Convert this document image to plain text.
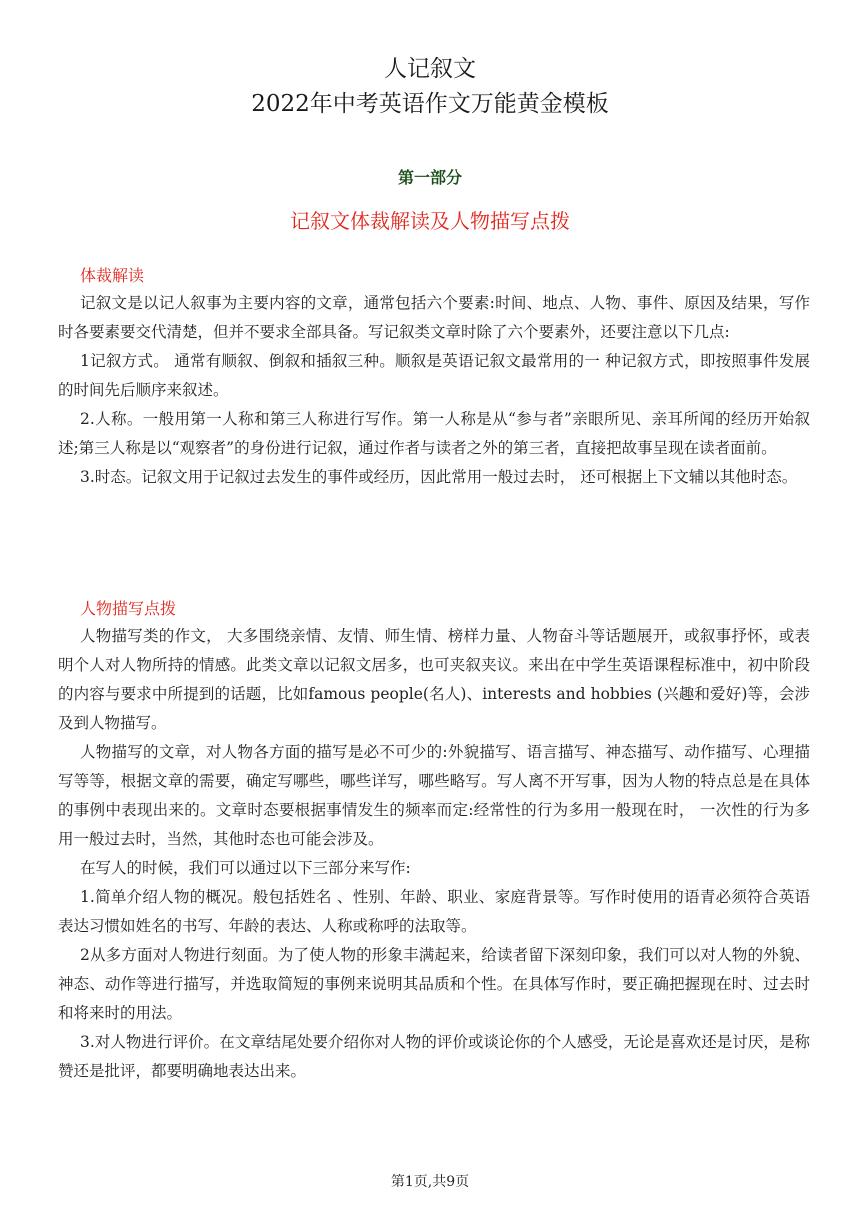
人记叙文
2022年中考英语作文万能黄金模板
第一部分
记叙文体裁解读及人物描写点拨
体裁解读

记叙文是以记人叙事为主要内容的文章，通常包括六个要素:时间、地点、人物、事件、原因及结果，写作时各要素要交代清楚，但并不要求全部具备。写记叙类文章时除了六个要素外，还要注意以下几点:

1记叙方式。 通常有顺叙、倒叙和插叙三种。顺叙是英语记叙文最常用的一 种记叙方式，即按照事件发展的时间先后顺序来叙述。

2.人称。一般用第一人称和第三人称进行写作。第一人称是从“参与者”亲眼所见、亲耳所闻的经历开始叙述;第三人称是以“观察者”的身份进行记叙，通过作者与读者之外的第三者，直接把故事呈现在读者面前。

3.时态。记叙文用于记叙过去发生的事件或经历，因此常用一般过去时， 还可根据上下文辅以其他时态。

人物描写点拨

人物描写类的作文， 大多围绕亲情、友情、师生情、榜样力量、人物奋斗等话题展开，或叙事抒怀，或表明个人对人物所持的情感。此类文章以记叙文居多，也可夹叙夹议。来出在中学生英语课程标准中，初中阶段的内容与要求中所提到的话题，比如famous people(名人)、interests and hobbies (兴趣和爱好)等，会涉及到人物描写。

人物描写的文章，对人物各方面的描写是必不可少的:外貌描写、语言描写、神态描写、动作描写、心理描写等等，根据文章的需要，确定写哪些，哪些详写，哪些略写。写人离不开写事，因为人物的特点总是在具体的事例中表现出来的。文章时态要根据事情发生的频率而定:经常性的行为多用一般现在时， 一次性的行为多用一般过去时，当然，其他时态也可能会涉及。

在写人的时候，我们可以通过以下三部分来写作:

1.简单介绍人物的概况。般包括姓名 、性别、年龄、职业、家庭背景等。写作时使用的语青必须符合英语表达习惯如姓名的书写、年龄的表达、人称或称呼的法取等。

2从多方面对人物进行刻面。为了使人物的形象丰满起来，给读者留下深刻印象，我们可以对人物的外貌、神态、动作等进行描写，并选取简短的事例来说明其品质和个性。在具体写作时，要正确把握现在时、过去时和将来时的用法。

3.对人物进行评价。在文章结尾处要介绍你对人物的评价或谈论你的个人感受，无论是喜欢还是讨厌，是称赞还是批评，都要明确地表达出来。

第1页,共9页
